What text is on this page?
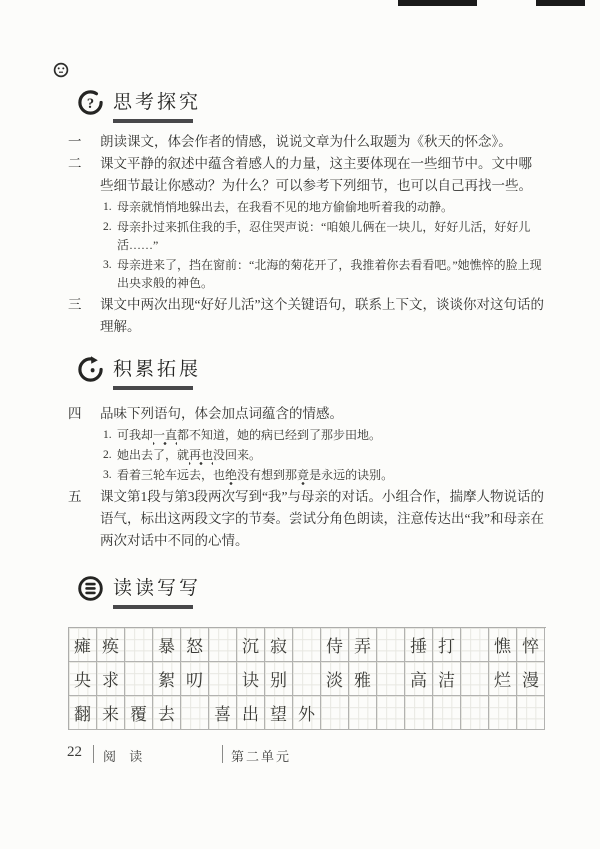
? 思考探究
一	朗读课文，体会作者的情感，说说文章为什么取题为《秋天的怀念》。
二	课文平静的叙述中蕴含着感人的力量，这主要体现在一些细节中。文中哪些细节最让你感动？为什么？可以参考下列细节，也可以自己再找一些。
1. 母亲就悄悄地躲出去，在我看不见的地方偷偷地听着我的动静。
2. 母亲扑过来抓住我的手，忍住哭声说：“咱娘儿俩在一块儿，好好儿活，好好儿活……”
3. 母亲进来了，挡在窗前：“北海的菊花开了，我推着你去看看吧。”她憔悴的脸上现出央求般的神色。
三	课文中两次出现“好好儿活”这个关键语句，联系上下文，谈谈你对这句话的理解。
积累拓展
四	品味下列语句，体会加点词蕴含的情感。
1. 可我却一直都不知道，她的病已经到了那步田地。
2. 她出去了，就再也没回来。
3. 看着三轮车远去，也绝没有想到那竟是永远的诀别。
五	课文第1段与第3段两次写到“我”与母亲的对话。小组合作，揣摩人物说话的语气，标出这两段文字的节奏。尝试分角色朗读，注意传达出“我”和母亲在两次对话中不同的心情。
读读写写
瘫 痪	暴 怒	沉 寂	侍 弄	捶 打	憔 悴
央 求	絮 叨	诀 别	淡 雅	高 洁	烂 漫
翻 来 覆 去	喜 出 望 外
22 阅 读	第二单元
